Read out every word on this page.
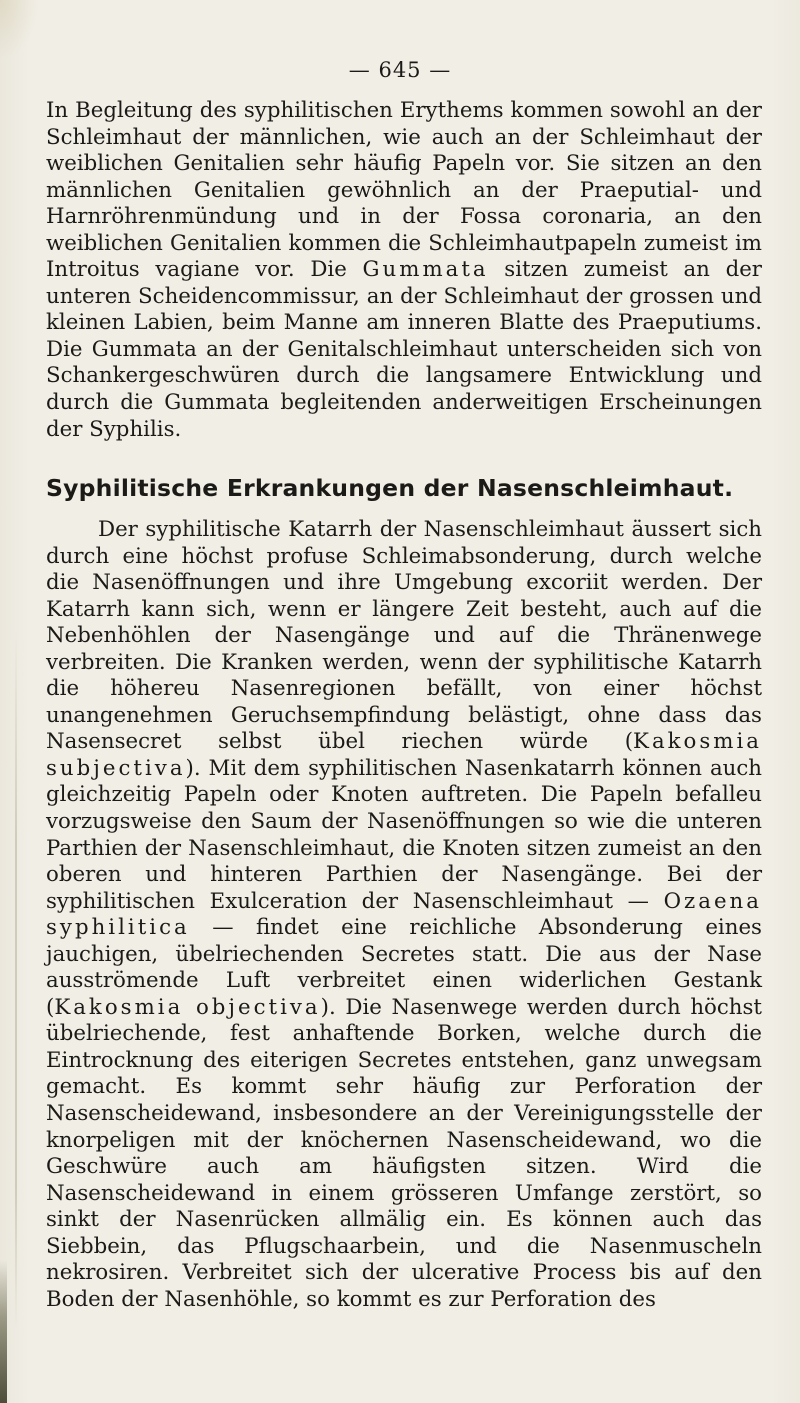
— 645 —

In Begleitung des syphilitischen Erythems kommen sowohl an der Schleimhaut der männlichen, wie auch an der Schleimhaut der weiblichen Genitalien sehr häufig Papeln vor. Sie sitzen an den männlichen Genitalien gewöhnlich an der Praeputial- und Harnröhrenmündung und in der Fossa coronaria, an den weiblichen Genitalien kommen die Schleimhautpapeln zumeist im Introitus vagiane vor. Die Gummata sitzen zumeist an der unteren Scheidencommissur, an der Schleimhaut der grossen und kleinen Labien, beim Manne am inneren Blatte des Praeputiums. Die Gummata an der Genitalschleimhaut unterscheiden sich von Schankergeschwüren durch die langsamere Entwicklung und durch die Gummata begleitenden anderweitigen Erscheinungen der Syphilis.

Syphilitische Erkrankungen der Nasenschleimhaut.

Der syphilitische Katarrh der Nasenschleimhaut äussert sich durch eine höchst profuse Schleimabsonderung, durch welche die Nasenöffnungen und ihre Umgebung excoriit werden. Der Katarrh kann sich, wenn er längere Zeit besteht, auch auf die Nebenhöhlen der Nasengänge und auf die Thränenwege verbreiten. Die Kranken werden, wenn der syphilitische Katarrh die höhereu Nasenregionen befällt, von einer höchst unangenehmen Geruchsempfindung belästigt, ohne dass das Nasensecret selbst übel riechen würde (Kakosmia subjectiva). Mit dem syphilitischen Nasenkatarrh können auch gleichzeitig Papeln oder Knoten auftreten. Die Papeln befalleu vorzugsweise den Saum der Nasenöffnungen so wie die unteren Parthien der Nasenschleimhaut, die Knoten sitzen zumeist an den oberen und hinteren Parthien der Nasengänge. Bei der syphilitischen Exulceration der Nasenschleimhaut — Ozaena syphilitica — findet eine reichliche Absonderung eines jauchigen, übelriechenden Secretes statt. Die aus der Nase ausströmende Luft verbreitet einen widerlichen Gestank (Kakosmia objectiva). Die Nasenwege werden durch höchst übelriechende, fest anhaftende Borken, welche durch die Eintrocknung des eiterigen Secretes entstehen, ganz unwegsam gemacht. Es kommt sehr häufig zur Perforation der Nasenscheidewand, insbesondere an der Vereinigungsstelle der knorpeligen mit der knöchernen Nasenscheidewand, wo die Geschwüre auch am häufigsten sitzen. Wird die Nasenscheidewand in einem grösseren Umfange zerstört, so sinkt der Nasenrücken allmälig ein. Es können auch das Siebbein, das Pflugschaarbein, und die Nasenmuscheln nekrosiren. Verbreitet sich der ulcerative Process bis auf den Boden der Nasenhöhle, so kommt es zur Perforation des
